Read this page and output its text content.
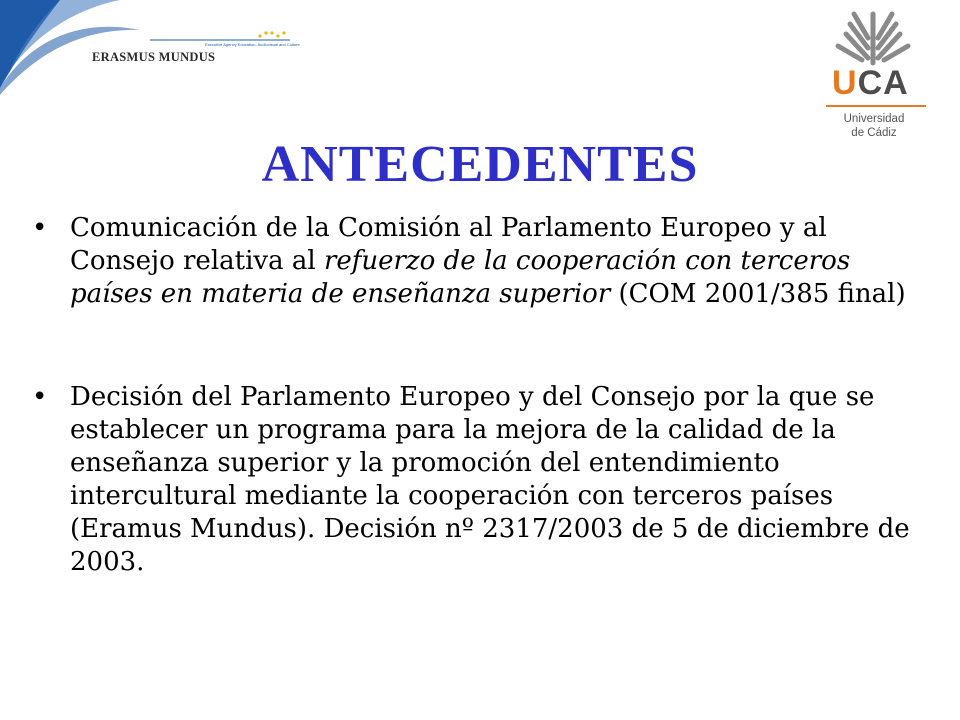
Executive Agency Education, Audiovisual and Culture
ERASMUS MUNDUS
UCA
Universidad
de Cádiz
ANTECEDENTES
• Comunicación de la Comisión al Parlamento Europeo y al Consejo relativa al refuerzo de la cooperación con terceros países en materia de enseñanza superior (COM 2001/385 final)
• Decisión del Parlamento Europeo y del Consejo por la que se establecer un programa para la mejora de la calidad de la enseñanza superior y la promoción del entendimiento intercultural mediante la cooperación con terceros países (Eramus Mundus). Decisión nº 2317/2003 de 5 de diciembre de 2003.
